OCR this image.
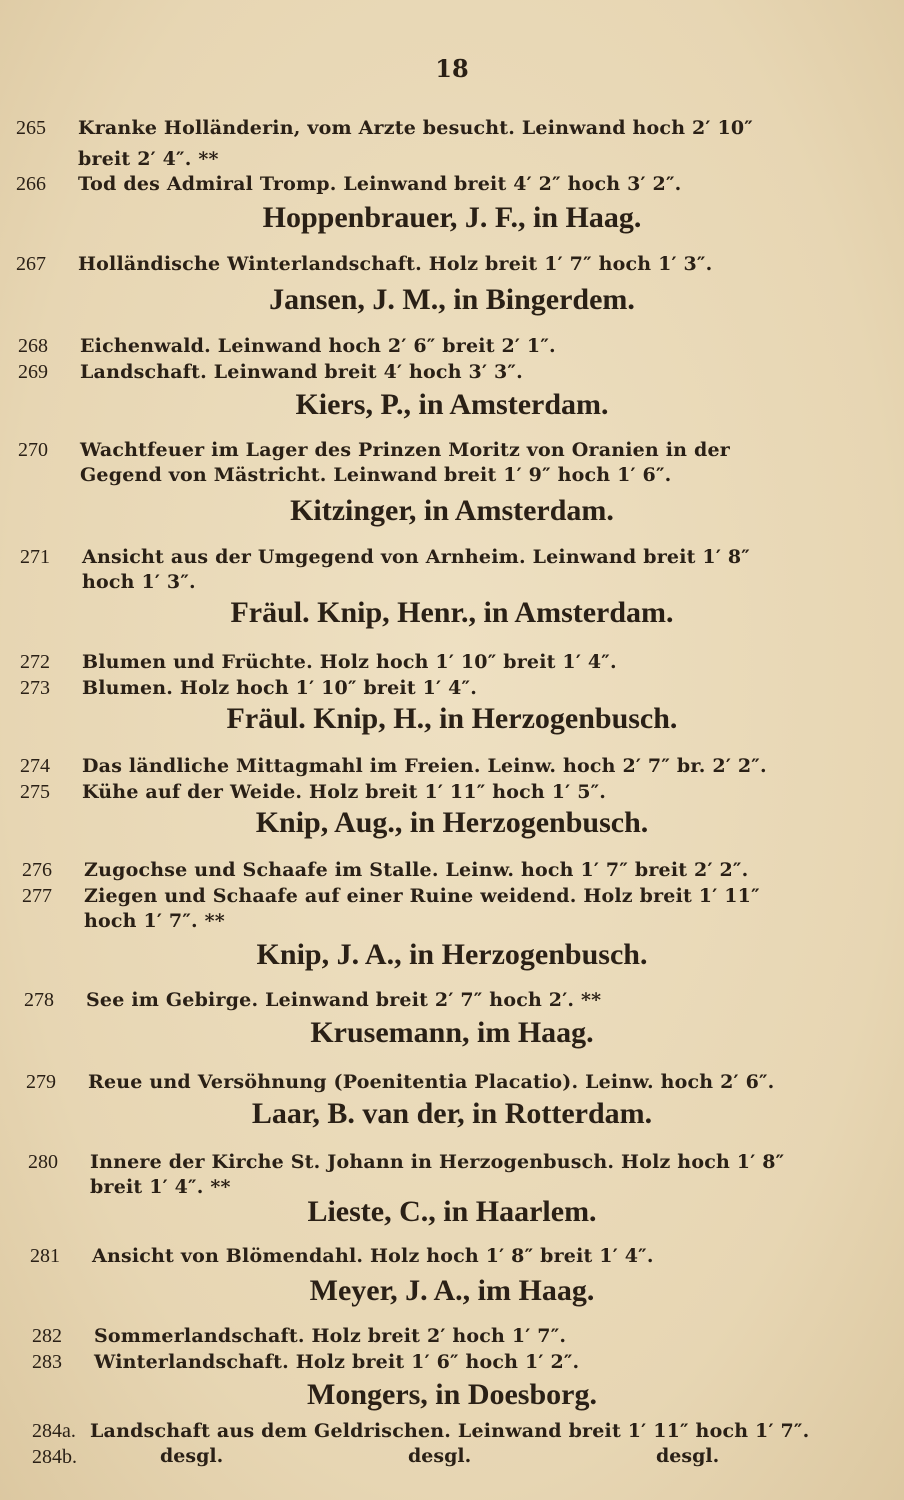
18
265	Kranke Holländerin, vom Arzte besucht. Leinwand hoch 2′ 10″
breit 2′ 4″. **
266	Tod des Admiral Tromp. Leinwand breit 4′ 2″ hoch 3′ 2″.
Hoppenbrauer, J. F., in Haag.
267	Holländische Winterlandschaft. Holz breit 1′ 7″ hoch 1′ 3″.
Jansen, J. M., in Bingerdem.
268	Eichenwald. Leinwand hoch 2′ 6″ breit 2′ 1″.
269	Landschaft. Leinwand breit 4′ hoch 3′ 3″.
Kiers, P., in Amsterdam.
270	Wachtfeuer im Lager des Prinzen Moritz von Oranien in der
Gegend von Mästricht. Leinwand breit 1′ 9″ hoch 1′ 6″.
Kitzinger, in Amsterdam.
271	Ansicht aus der Umgegend von Arnheim. Leinwand breit 1′ 8″
hoch 1′ 3″.
Fräul. Knip, Henr., in Amsterdam.
272	Blumen und Früchte. Holz hoch 1′ 10″ breit 1′ 4″.
273	Blumen. Holz hoch 1′ 10″ breit 1′ 4″.
Fräul. Knip, H., in Herzogenbusch.
274	Das ländliche Mittagmahl im Freien. Leinw. hoch 2′ 7″ br. 2′ 2″.
275	Kühe auf der Weide. Holz breit 1′ 11″ hoch 1′ 5″.
Knip, Aug., in Herzogenbusch.
276	Zugochse und Schaafe im Stalle. Leinw. hoch 1′ 7″ breit 2′ 2″.
277	Ziegen und Schaafe auf einer Ruine weidend. Holz breit 1′ 11″
hoch 1′ 7″. **
Knip, J. A., in Herzogenbusch.
278	See im Gebirge. Leinwand breit 2′ 7″ hoch 2′. **
Krusemann, im Haag.
279	Reue und Versöhnung (Poenitentia Placatio). Leinw. hoch 2′ 6″.
Laar, B. van der, in Rotterdam.
280	Innere der Kirche St. Johann in Herzogenbusch. Holz hoch 1′ 8″
breit 1′ 4″. **
Lieste, C., in Haarlem.
281	Ansicht von Blömendahl. Holz hoch 1′ 8″ breit 1′ 4″.
Meyer, J. A., im Haag.
282	Sommerlandschaft. Holz breit 2′ hoch 1′ 7″.
283	Winterlandschaft. Holz breit 1′ 6″ hoch 1′ 2″.
Mongers, in Doesborg.
284a. Landschaft aus dem Geldrischen. Leinwand breit 1′ 11″ hoch 1′ 7″.
284b.	desgl.	desgl.	desgl.
